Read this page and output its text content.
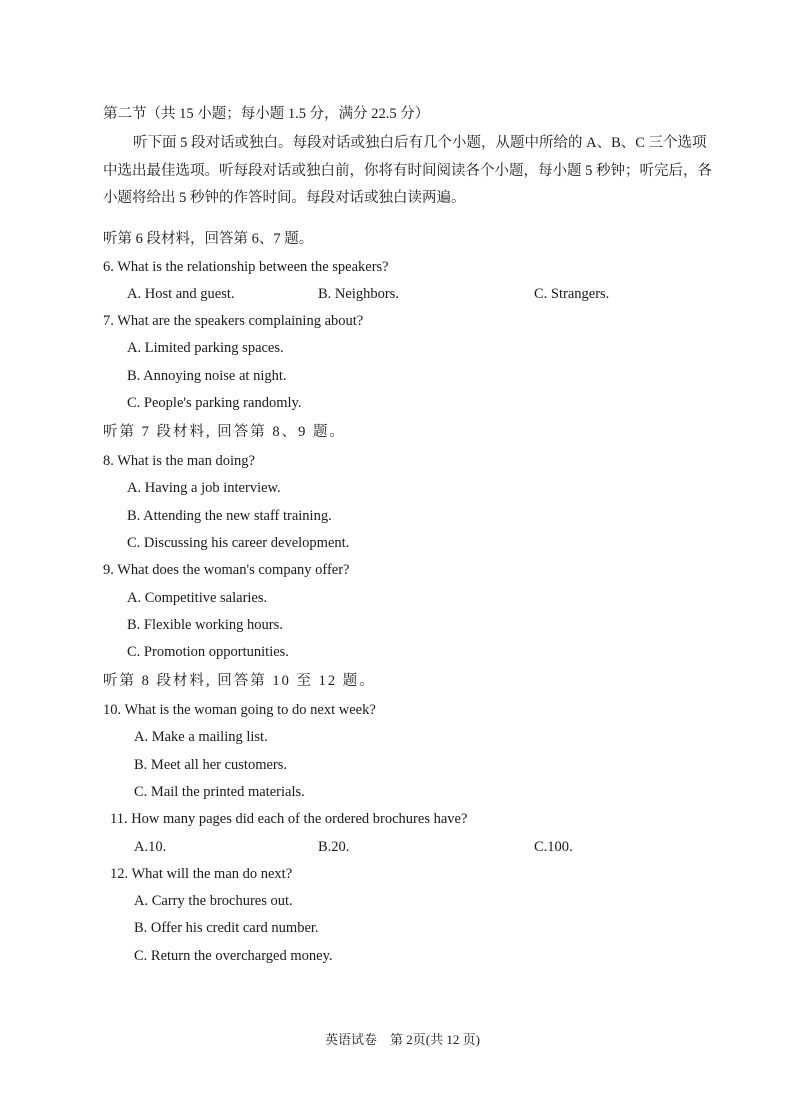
第二节（共 15 小题；每小题 1.5 分，满分 22.5 分）
听下面 5 段对话或独白。每段对话或独白后有几个小题，从题中所给的 A、B、C 三个选项中选出最佳选项。听每段对话或独白前，你将有时间阅读各个小题，每小题 5 秒钟；听完后，各小题将给出 5 秒钟的作答时间。每段对话或独白读两遍。
听第 6 段材料，回答第 6、7 题。
6. What is the relationship between the speakers?
A. Host and guest.	B. Neighbors.	C. Strangers.
7. What are the speakers complaining about?
A. Limited parking spaces.
B. Annoying noise at night.
C. People's parking randomly.
听第 7 段材料, 回答第 8、9 题。
8. What is the man doing?
A. Having a job interview.
B. Attending the new staff training.
C. Discussing his career development.
9. What does the woman's company offer?
A. Competitive salaries.
B. Flexible working hours.
C. Promotion opportunities.
听第 8 段材料, 回答第 10 至 12 题。
10. What is the woman going to do next week?
A. Make a mailing list.
B. Meet all her customers.
C. Mail the printed materials.
11. How many pages did each of the ordered brochures have?
A.10.	B.20.	C.100.
12. What will the man do next?
A. Carry the brochures out.
B. Offer his credit card number.
C. Return the overcharged money.
英语试卷　第 2页(共 12 页)
